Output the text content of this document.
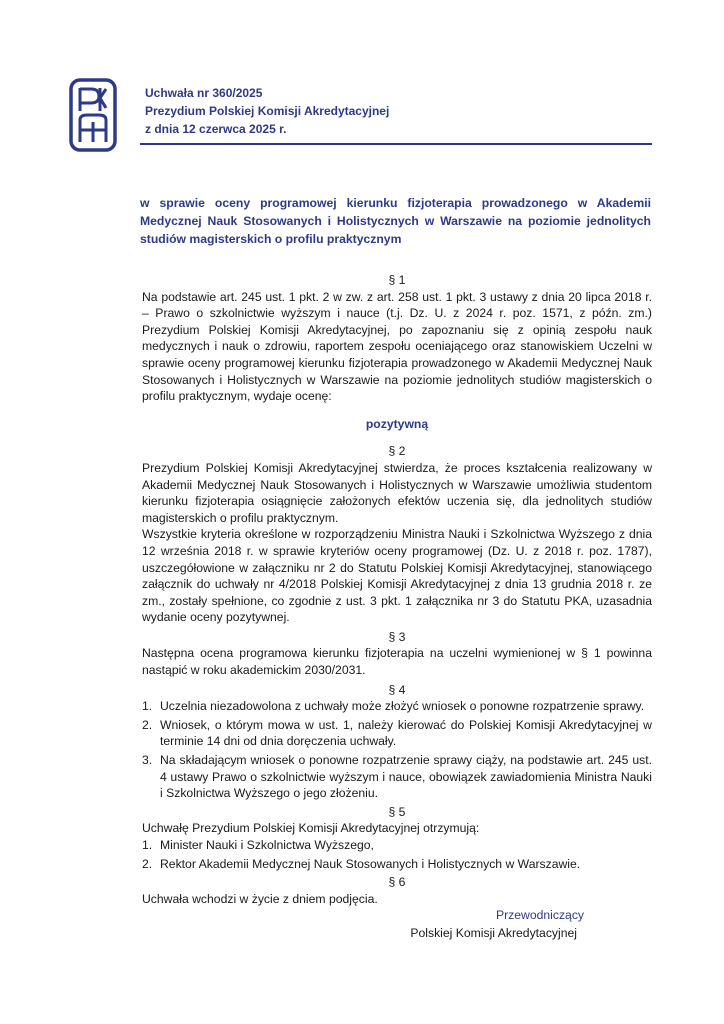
Uchwała nr 360/2025
Prezydium Polskiej Komisji Akredytacyjnej
z dnia 12 czerwca 2025 r.
w sprawie oceny programowej kierunku fizjoterapia prowadzonego w Akademii Medycznej Nauk Stosowanych i Holistycznych w Warszawie na poziomie jednolitych studiów magisterskich o profilu praktycznym

§ 1

Na podstawie art. 245 ust. 1 pkt. 2 w zw. z art. 258 ust. 1 pkt. 3 ustawy z dnia 20 lipca 2018 r. – Prawo o szkolnictwie wyższym i nauce (t.j. Dz. U. z 2024 r. poz. 1571, z późn. zm.) Prezydium Polskiej Komisji Akredytacyjnej, po zapoznaniu się z opinią zespołu nauk medycznych i nauk o zdrowiu, raportem zespołu oceniającego oraz stanowiskiem Uczelni w sprawie oceny programowej kierunku fizjoterapia prowadzonego w Akademii Medycznej Nauk Stosowanych i Holistycznych w Warszawie na poziomie jednolitych studiów magisterskich o profilu praktycznym, wydaje ocenę:

pozytywną

§ 2

Prezydium Polskiej Komisji Akredytacyjnej stwierdza, że proces kształcenia realizowany w Akademii Medycznej Nauk Stosowanych i Holistycznych w Warszawie umożliwia studentom kierunku fizjoterapia osiągnięcie założonych efektów uczenia się, dla jednolitych studiów magisterskich o profilu praktycznym.

Wszystkie kryteria określone w rozporządzeniu Ministra Nauki i Szkolnictwa Wyższego z dnia 12 września 2018 r. w sprawie kryteriów oceny programowej (Dz. U. z 2018 r. poz. 1787), uszczegółowione w załączniku nr 2 do Statutu Polskiej Komisji Akredytacyjnej, stanowiącego załącznik do uchwały nr 4/2018 Polskiej Komisji Akredytacyjnej z dnia 13 grudnia 2018 r. ze zm., zostały spełnione, co zgodnie z ust. 3 pkt. 1 załącznika nr 3 do Statutu PKA, uzasadnia wydanie oceny pozytywnej.

§ 3

Następna ocena programowa kierunku fizjoterapia na uczelni wymienionej w § 1 powinna nastąpić w roku akademickim 2030/2031.

§ 4

1. Uczelnia niezadowolona z uchwały może złożyć wniosek o ponowne rozpatrzenie sprawy.
2. Wniosek, o którym mowa w ust. 1, należy kierować do Polskiej Komisji Akredytacyjnej w terminie 14 dni od dnia doręczenia uchwały.
3. Na składającym wniosek o ponowne rozpatrzenie sprawy ciąży, na podstawie art. 245 ust. 4 ustawy Prawo o szkolnictwie wyższym i nauce, obowiązek zawiadomienia Ministra Nauki i Szkolnictwa Wyższego o jego złożeniu.

§ 5

Uchwałę Prezydium Polskiej Komisji Akredytacyjnej otrzymują:

1. Minister Nauki i Szkolnictwa Wyższego,
2. Rektor Akademii Medycznej Nauk Stosowanych i Holistycznych w Warszawie.

§ 6

Uchwała wchodzi w życie z dniem podjęcia.

Przewodniczący
Polskiej Komisji Akredytacyjnej
